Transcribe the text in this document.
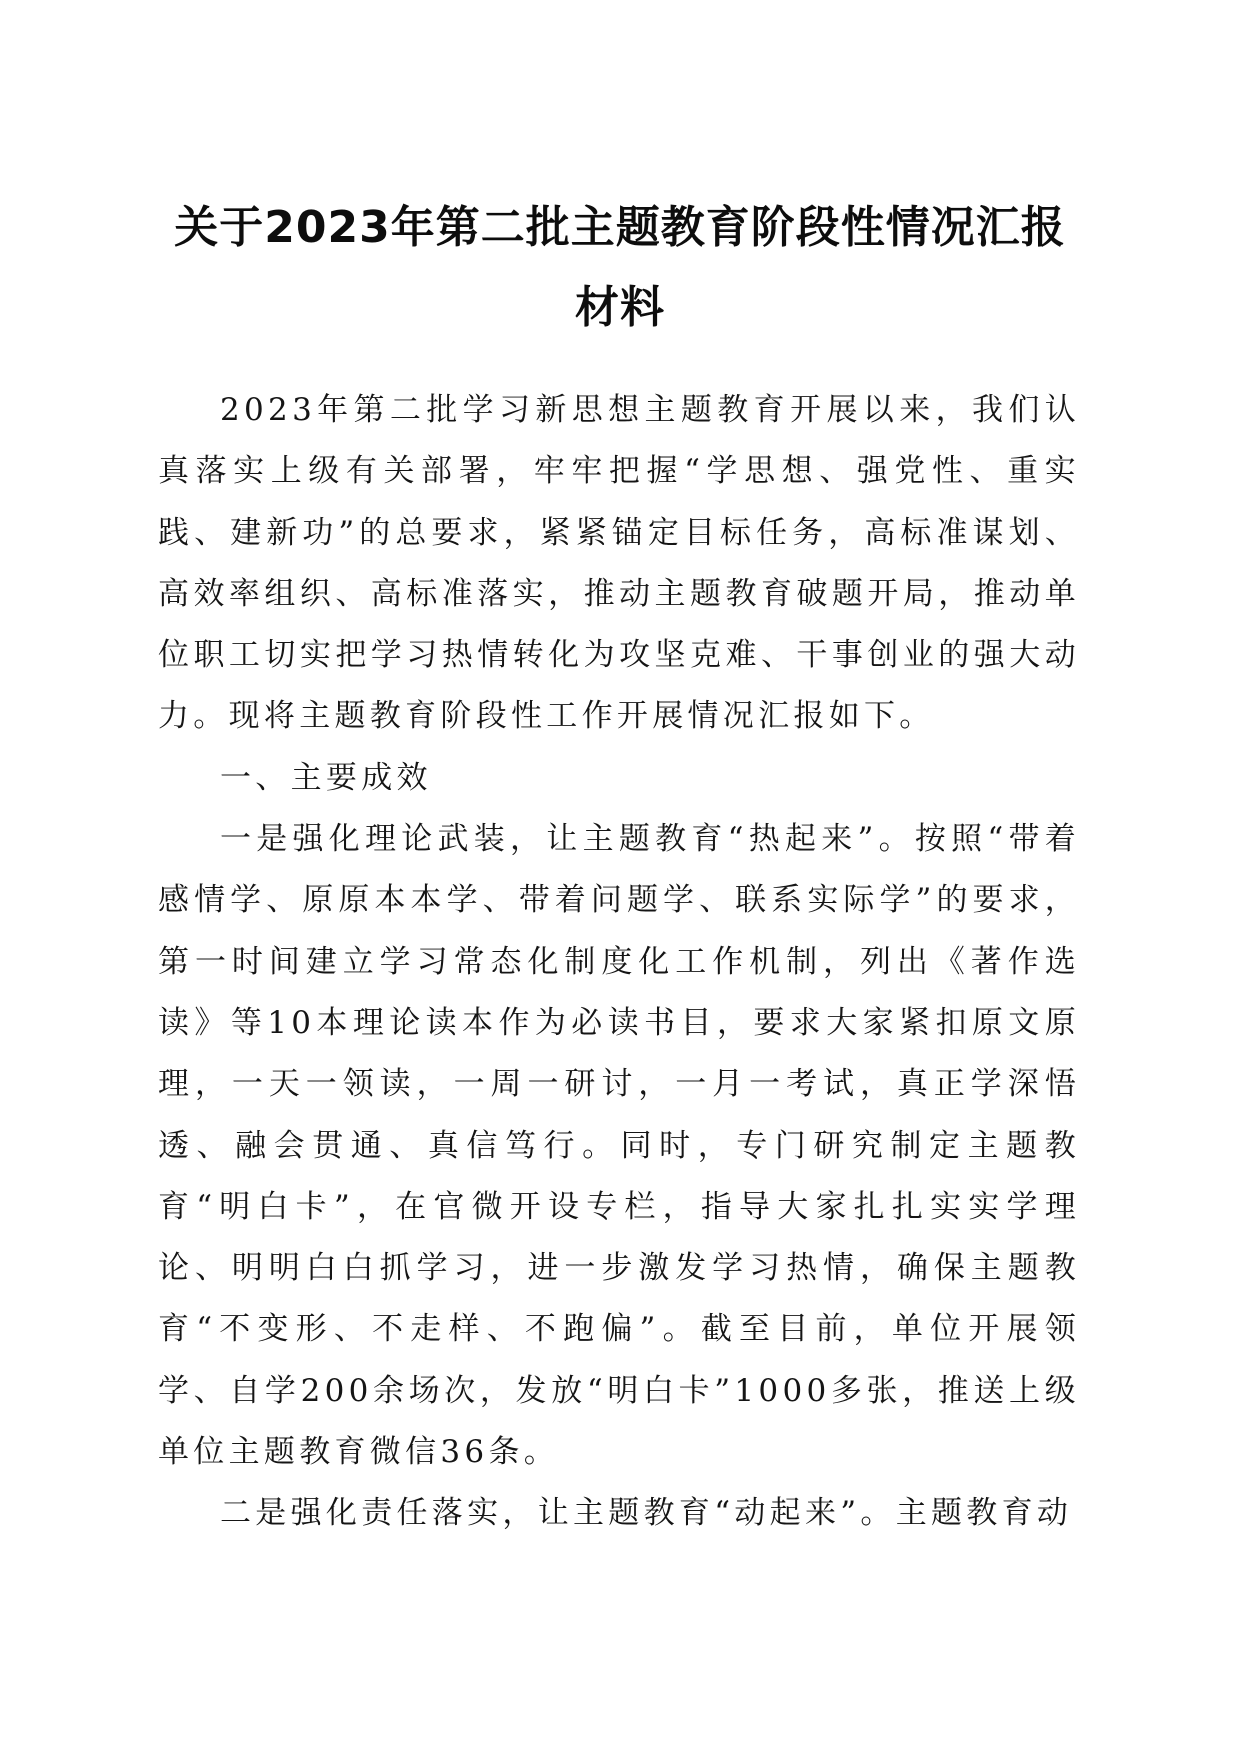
关于2023年第二批主题教育阶段性情况汇报
材料

2023年第二批学习新思想主题教育开展以来，我们认真落实上级有关部署，牢牢把握“学思想、强党性、重实践、建新功”的总要求，紧紧锚定目标任务，高标准谋划、高效率组织、高标准落实，推动主题教育破题开局，推动单位职工切实把学习热情转化为攻坚克难、干事创业的强大动力。现将主题教育阶段性工作开展情况汇报如下。

一、主要成效

一是强化理论武装，让主题教育“热起来”。按照“带着感情学、原原本本学、带着问题学、联系实际学”的要求，第一时间建立学习常态化制度化工作机制，列出《著作选读》等10本理论读本作为必读书目，要求大家紧扣原文原理，一天一领读，一周一研讨，一月一考试，真正学深悟透、融会贯通、真信笃行。同时，专门研究制定主题教育“明白卡”，在官微开设专栏，指导大家扎扎实实学理论、明明白白抓学习，进一步激发学习热情，确保主题教育“不变形、不走样、不跑偏”。截至目前，单位开展领学、自学200余场次，发放“明白卡”1000多张，推送上级单位主题教育微信36条。

二是强化责任落实，让主题教育“动起来”。主题教育动
